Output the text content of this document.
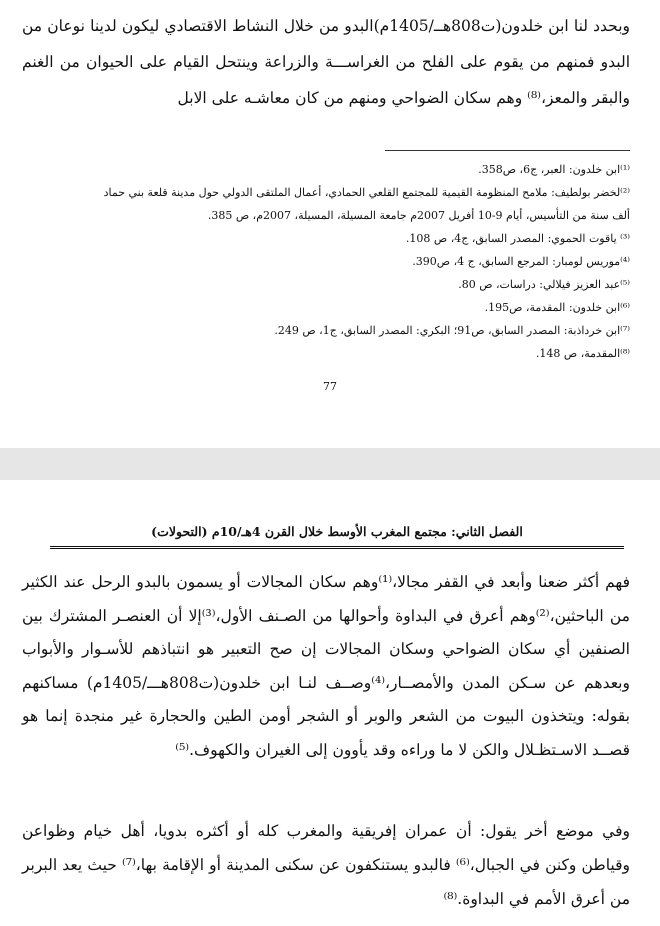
وبحدد لنا ابن خلدون(ت808هــ/1405م)البدو من خلال النشاط الاقتصادي ليكون لدينا نوعان من البدو فمنهم من يقوم على الفلح من الغراســـة والزراعة وينتحل القيام على الحيوان من الغنم والبقر والمعز،⁽⁸⁾ وهم سكان الضواحي ومنهم من كان معاشـه على الابل

⁽¹⁾ابن خلدون: العبر، ج6، ص358.
⁽²⁾لخضر بولطيف: ملامح المنظومة القيمية للمجتمع القلعي الحمادي، أعمال الملتقى الدولي حول مدينة قلعة بني حماد
ألف سنة من التأسيس، أيام 9-10 أفريل 2007م جامعة المسيلة، المسيلة، 2007م، ص 385.
⁽³⁾ ياقوت الحموي: المصدر السابق، ج4، ص 108.
⁽⁴⁾موريس لومبار: المرجع السابق، ج 4، ص390.
⁽⁵⁾عبد العزيز فيلالي: دراسات، ص 80.
⁽⁶⁾ابن خلدون: المقدمة، ص195.
⁽⁷⁾ابن خرداذبة: المصدر السابق، ص91؛ البكري: المصدر السابق، ج1، ص 249.
⁽⁸⁾المقدمة، ص 148.
77
الفصل الثاني: مجتمع المغرب الأوسط خلال القرن 4هـ/10م (التحولات)

فهم أكثر ضعنا وأبعد في القفر مجالا،⁽¹⁾وهم سكان المجالات أو يسمون بالبدو الرحل عند الكثير من الباحثين،⁽²⁾وهم أعرق في البداوة وأحوالها من الصـنف الأول،⁽³⁾إلا أن العنصـر المشترك بين الصنفين أي سكان الضواحي وسكان المجالات إن صح التعبير هو انتباذهم للأسـوار والأبواب وبعدهم عن سـكن المدن والأمصــار،⁽⁴⁾وصــف لنـا ابن خلدون(ت808هـــ/1405م) مساكنهم بقوله: ويتخذون البيوت من الشعر والوبر أو الشجر أومن الطين والحجارة غير منجدة إنما هو قصــد الاسـتظـلال والكن لا ما وراءه وقد يأوون إلى الغيران والكهوف.⁽⁵⁾

وفي موضع أخر يقول: أن عمران إفريقية والمغرب كله أو أكثره بدويا، أهل خيام وظواعن وقياطن وكنن في الجبال،⁽⁶⁾ فالبدو يستنكفون عن سكنى المدينة أو الإقامة بها،⁽⁷⁾ حيث يعد البربر من أعرق الأمم في البداوة.⁽⁸⁾
